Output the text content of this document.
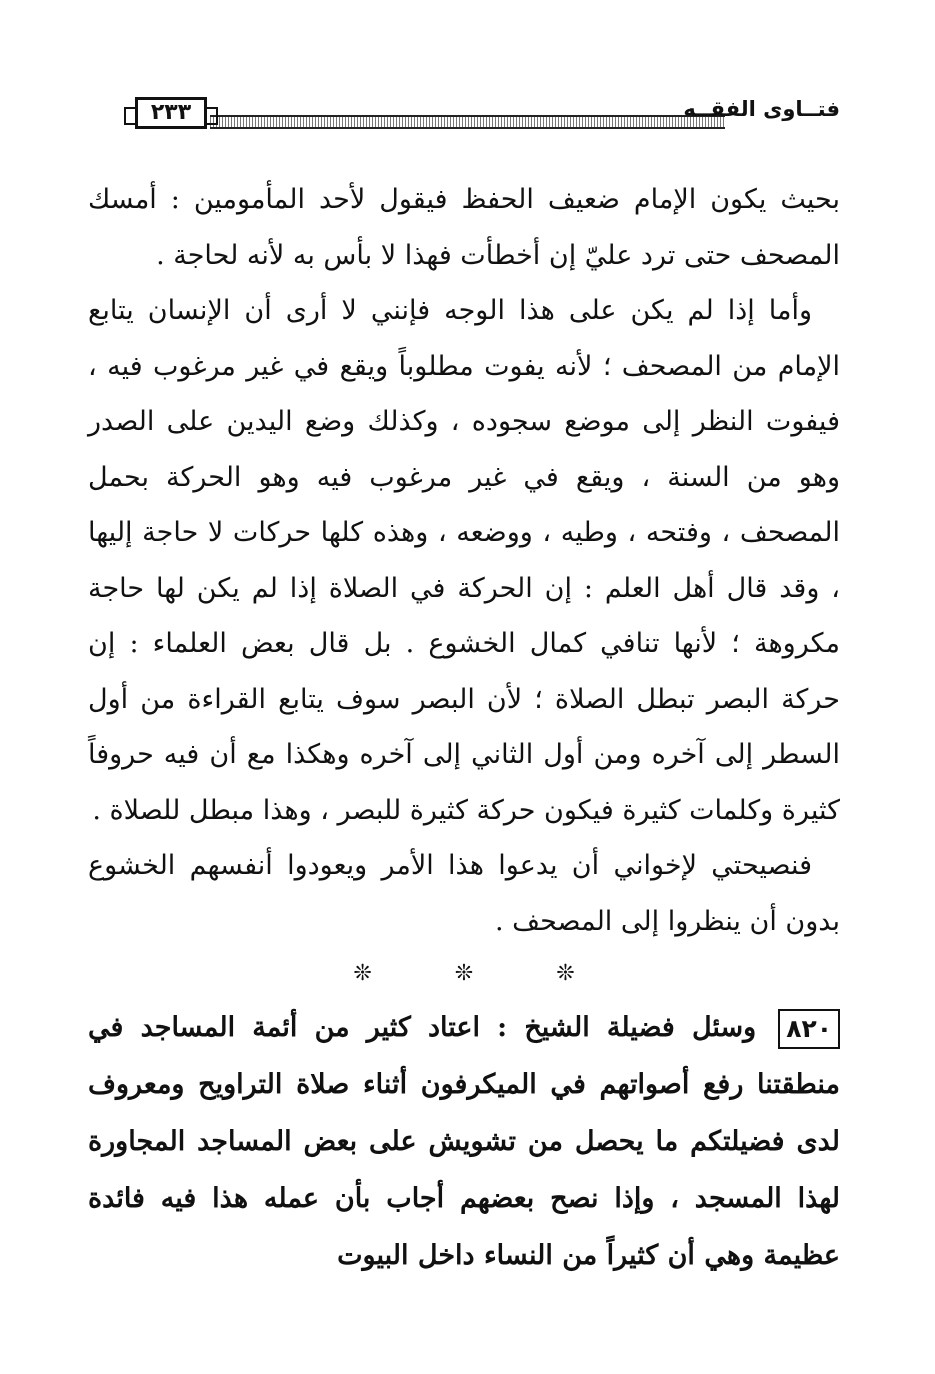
٢٣٣	فتــاوى الفقــه

بحيث يكون الإمام ضعيف الحفظ فيقول لأحد المأمومين : أمسك المصحف حتى ترد عليّ إن أخطأت فهذا لا بأس به لأنه لحاجة .

وأما إذا لم يكن على هذا الوجه فإنني لا أرى أن الإنسان يتابع الإمام من المصحف ؛ لأنه يفوت مطلوباً ويقع في غير مرغوب فيه ، فيفوت النظر إلى موضع سجوده ، وكذلك وضع اليدين على الصدر وهو من السنة ، ويقع في غير مرغوب فيه وهو الحركة بحمل المصحف ، وفتحه ، وطيه ، ووضعه ، وهذه كلها حركات لا حاجة إليها ، وقد قال أهل العلم : إن الحركة في الصلاة إذا لم يكن لها حاجة مكروهة ؛ لأنها تنافي كمال الخشوع . بل قال بعض العلماء : إن حركة البصر تبطل الصلاة ؛ لأن البصر سوف يتابع القراءة من أول السطر إلى آخره ومن أول الثاني إلى آخره وهكذا مع أن فيه حروفاً كثيرة وكلمات كثيرة فيكون حركة كثيرة للبصر ، وهذا مبطل للصلاة .

فنصيحتي لإخواني أن يدعوا هذا الأمر ويعودوا أنفسهم الخشوع بدون أن ينظروا إلى المصحف .

❊ ❊ ❊

٨٢٠وسئل فضيلة الشيخ : اعتاد كثير من أئمة المساجد في منطقتنا رفع أصواتهم في الميكرفون أثناء صلاة التراويح ومعروف لدى فضيلتكم ما يحصل من تشويش على بعض المساجد المجاورة لهذا المسجد ، وإذا نصح بعضهم أجاب بأن عمله هذا فيه فائدة عظيمة وهي أن كثيراً من النساء داخل البيوت
